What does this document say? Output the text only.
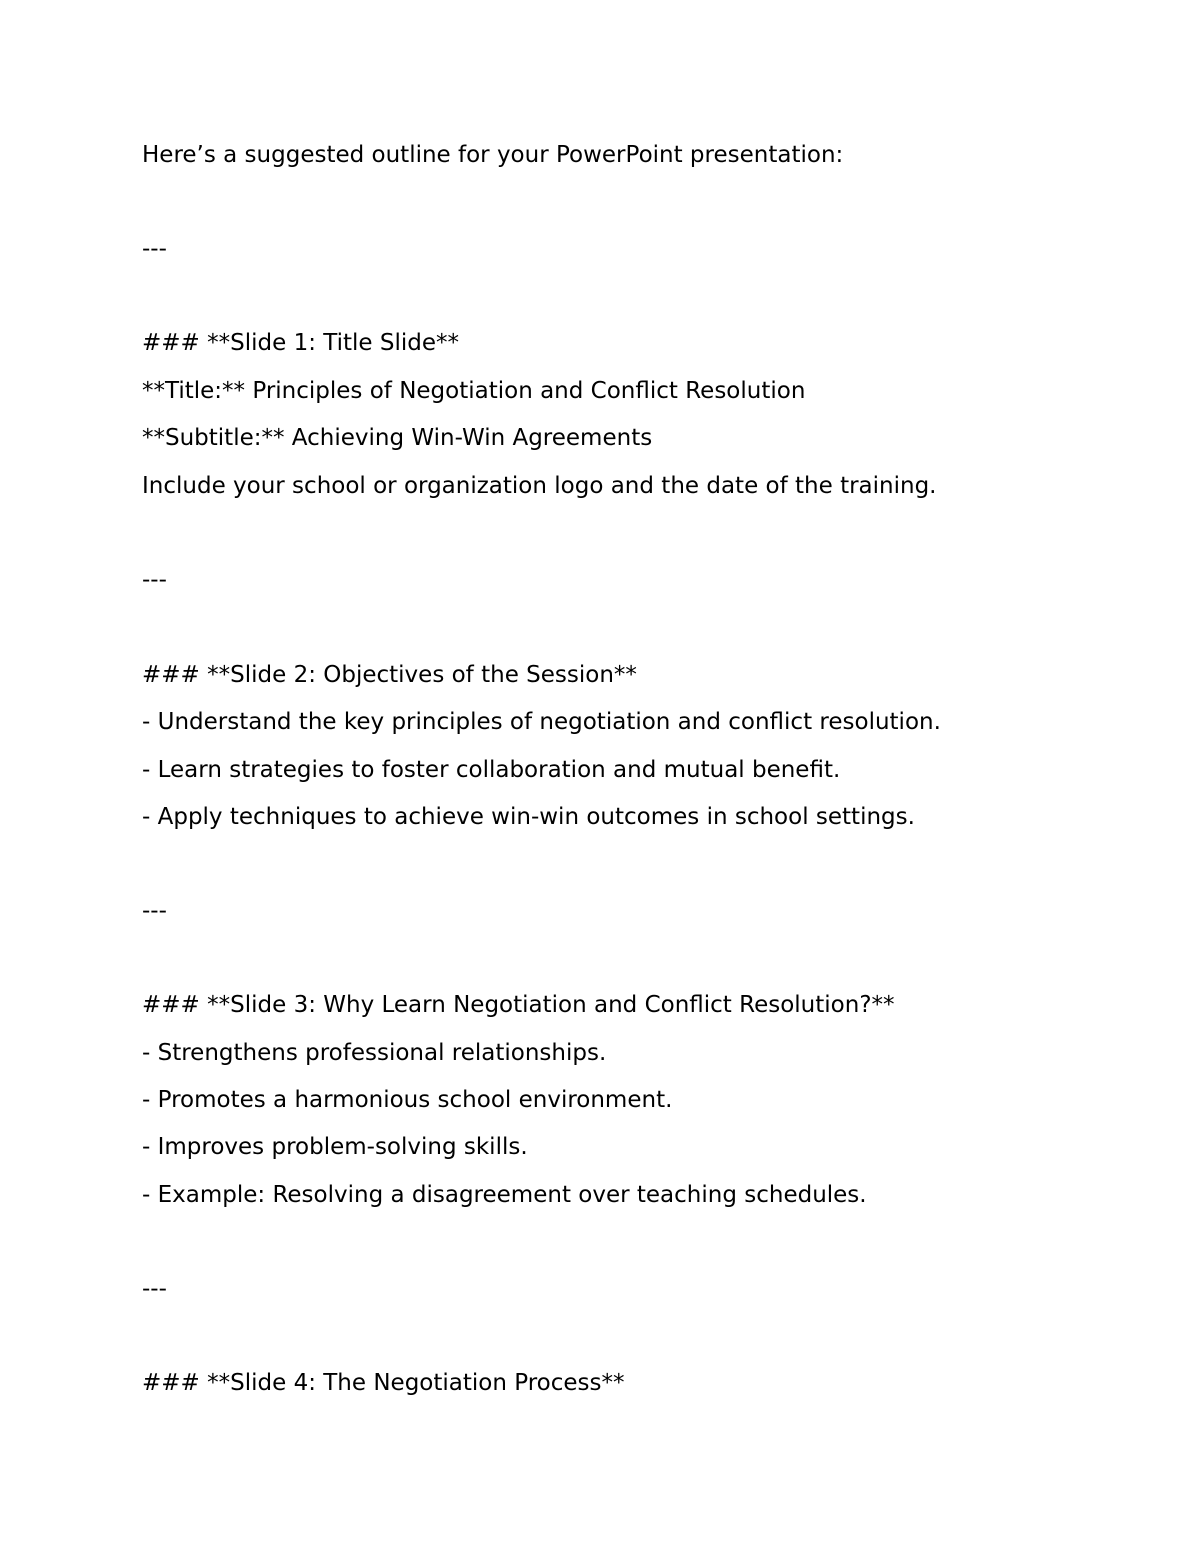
Here’s a suggested outline for your PowerPoint presentation:

---

### **Slide 1: Title Slide**

**Title:** Principles of Negotiation and Conflict Resolution

**Subtitle:** Achieving Win-Win Agreements

Include your school or organization logo and the date of the training.

---

### **Slide 2: Objectives of the Session**

- Understand the key principles of negotiation and conflict resolution.

- Learn strategies to foster collaboration and mutual benefit.

- Apply techniques to achieve win-win outcomes in school settings.

---

### **Slide 3: Why Learn Negotiation and Conflict Resolution?**

- Strengthens professional relationships.

- Promotes a harmonious school environment.

- Improves problem-solving skills.

- Example: Resolving a disagreement over teaching schedules.

---

### **Slide 4: The Negotiation Process**
